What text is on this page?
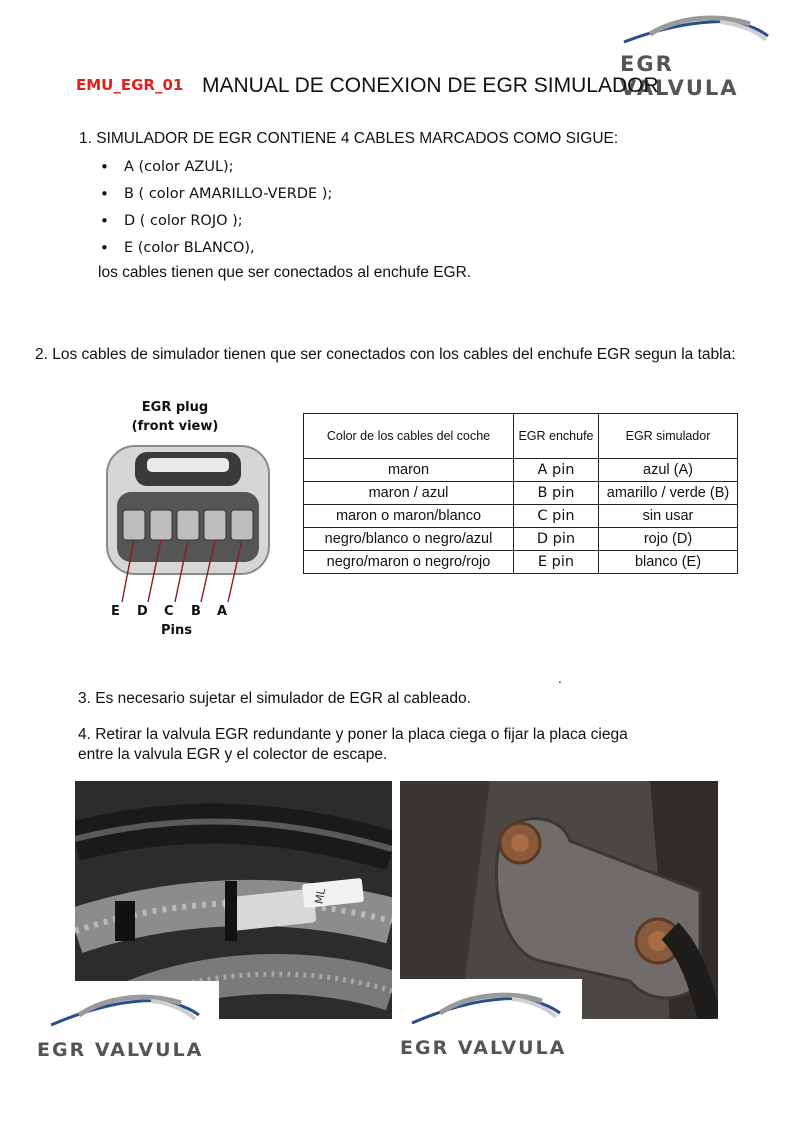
EGR VALVULA
EMU_EGR_01 MANUAL DE CONEXION DE EGR SIMULADOR
1. SIMULADOR DE EGR CONTIENE 4 CABLES MARCADOS COMO SIGUE:
• A (color AZUL);
• B ( color AMARILLO-VERDE );
• D ( color ROJO );
• E (color BLANCO),
los cables tienen que ser conectados al enchufe EGR.
2. Los cables de simulador tienen que ser conectados con los cables del enchufe EGR segun la tabla:
EGR plug
(front view)
E D C B A
Pins
Color de los cables del coche	EGR enchufe	EGR simulador
maron	A pin	azul (A)
maron / azul	B pin	amarillo / verde (B)
maron o maron/blanco	C pin	sin usar
negro/blanco o negro/azul	D pin	rojo (D)
negro/maron o negro/rojo	E pin	blanco (E)
.
3. Es necesario sujetar el simulador de EGR al cableado.
4. Retirar la valvula EGR redundante y poner la placa ciega o fijar la placa ciega
entre la valvula EGR y el colector de escape.
ML
EGR VALVULA	EGR VALVULA
